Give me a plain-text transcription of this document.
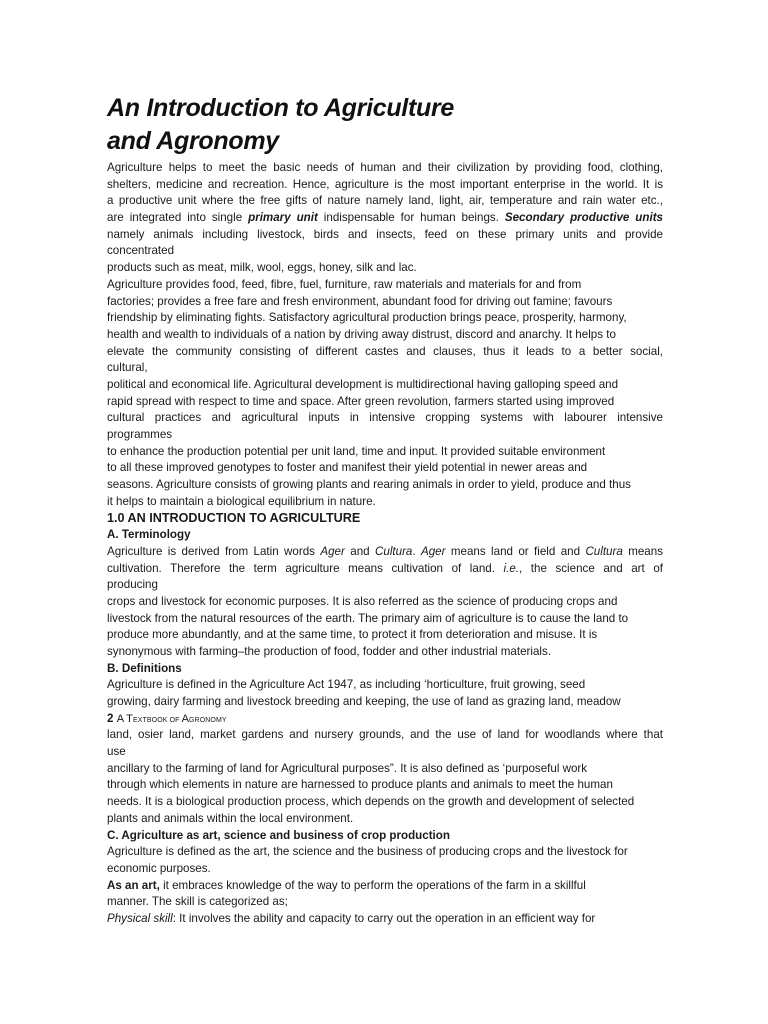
An Introduction to Agriculture
and Agronomy
Agriculture helps to meet the basic needs of human and their civilization by providing food, clothing,
shelters, medicine and recreation. Hence, agriculture is the most important enterprise in the world. It is
a productive unit where the free gifts of nature namely land, light, air, temperature and rain water etc.,
are integrated into single primary unit indispensable for human beings. Secondary productive units
namely animals including livestock, birds and insects, feed on these primary units and provide
concentrated
products such as meat, milk, wool, eggs, honey, silk and lac.
Agriculture provides food, feed, fibre, fuel, furniture, raw materials and materials for and from
factories; provides a free fare and fresh environment, abundant food for driving out famine; favours
friendship by eliminating fights. Satisfactory agricultural production brings peace, prosperity, harmony,
health and wealth to individuals of a nation by driving away distrust, discord and anarchy. It helps to
elevate the community consisting of different castes and clauses, thus it leads to a better social,
cultural,
political and economical life. Agricultural development is multidirectional having galloping speed and
rapid spread with respect to time and space. After green revolution, farmers started using improved
cultural practices and agricultural inputs in intensive cropping systems with labourer intensive
programmes
to enhance the production potential per unit land, time and input. It provided suitable environment
to all these improved genotypes to foster and manifest their yield potential in newer areas and
seasons. Agriculture consists of growing plants and rearing animals in order to yield, produce and thus
it helps to maintain a biological equilibrium in nature.
1.0 AN INTRODUCTION TO AGRICULTURE
A. Terminology
Agriculture is derived from Latin words Ager and Cultura. Ager means land or field and Cultura means
cultivation. Therefore the term agriculture means cultivation of land. i.e., the science and art of
producing
crops and livestock for economic purposes. It is also referred as the science of producing crops and
livestock from the natural resources of the earth. The primary aim of agriculture is to cause the land to
produce more abundantly, and at the same time, to protect it from deterioration and misuse. It is
synonymous with farming–the production of food, fodder and other industrial materials.
B. Definitions
Agriculture is defined in the Agriculture Act 1947, as including ‘horticulture, fruit growing, seed
growing, dairy farming and livestock breeding and keeping, the use of land as grazing land, meadow
2 A TEXTBOOK OF AGRONOMY
land, osier land, market gardens and nursery grounds, and the use of land for woodlands where that
use
ancillary to the farming of land for Agricultural purposes”. It is also defined as ‘purposeful work
through which elements in nature are harnessed to produce plants and animals to meet the human
needs. It is a biological production process, which depends on the growth and development of selected
plants and animals within the local environment.
C. Agriculture as art, science and business of crop production
Agriculture is defined as the art, the science and the business of producing crops and the livestock for
economic purposes.
As an art, it embraces knowledge of the way to perform the operations of the farm in a skillful
manner. The skill is categorized as;
Physical skill: It involves the ability and capacity to carry out the operation in an efficient way for
